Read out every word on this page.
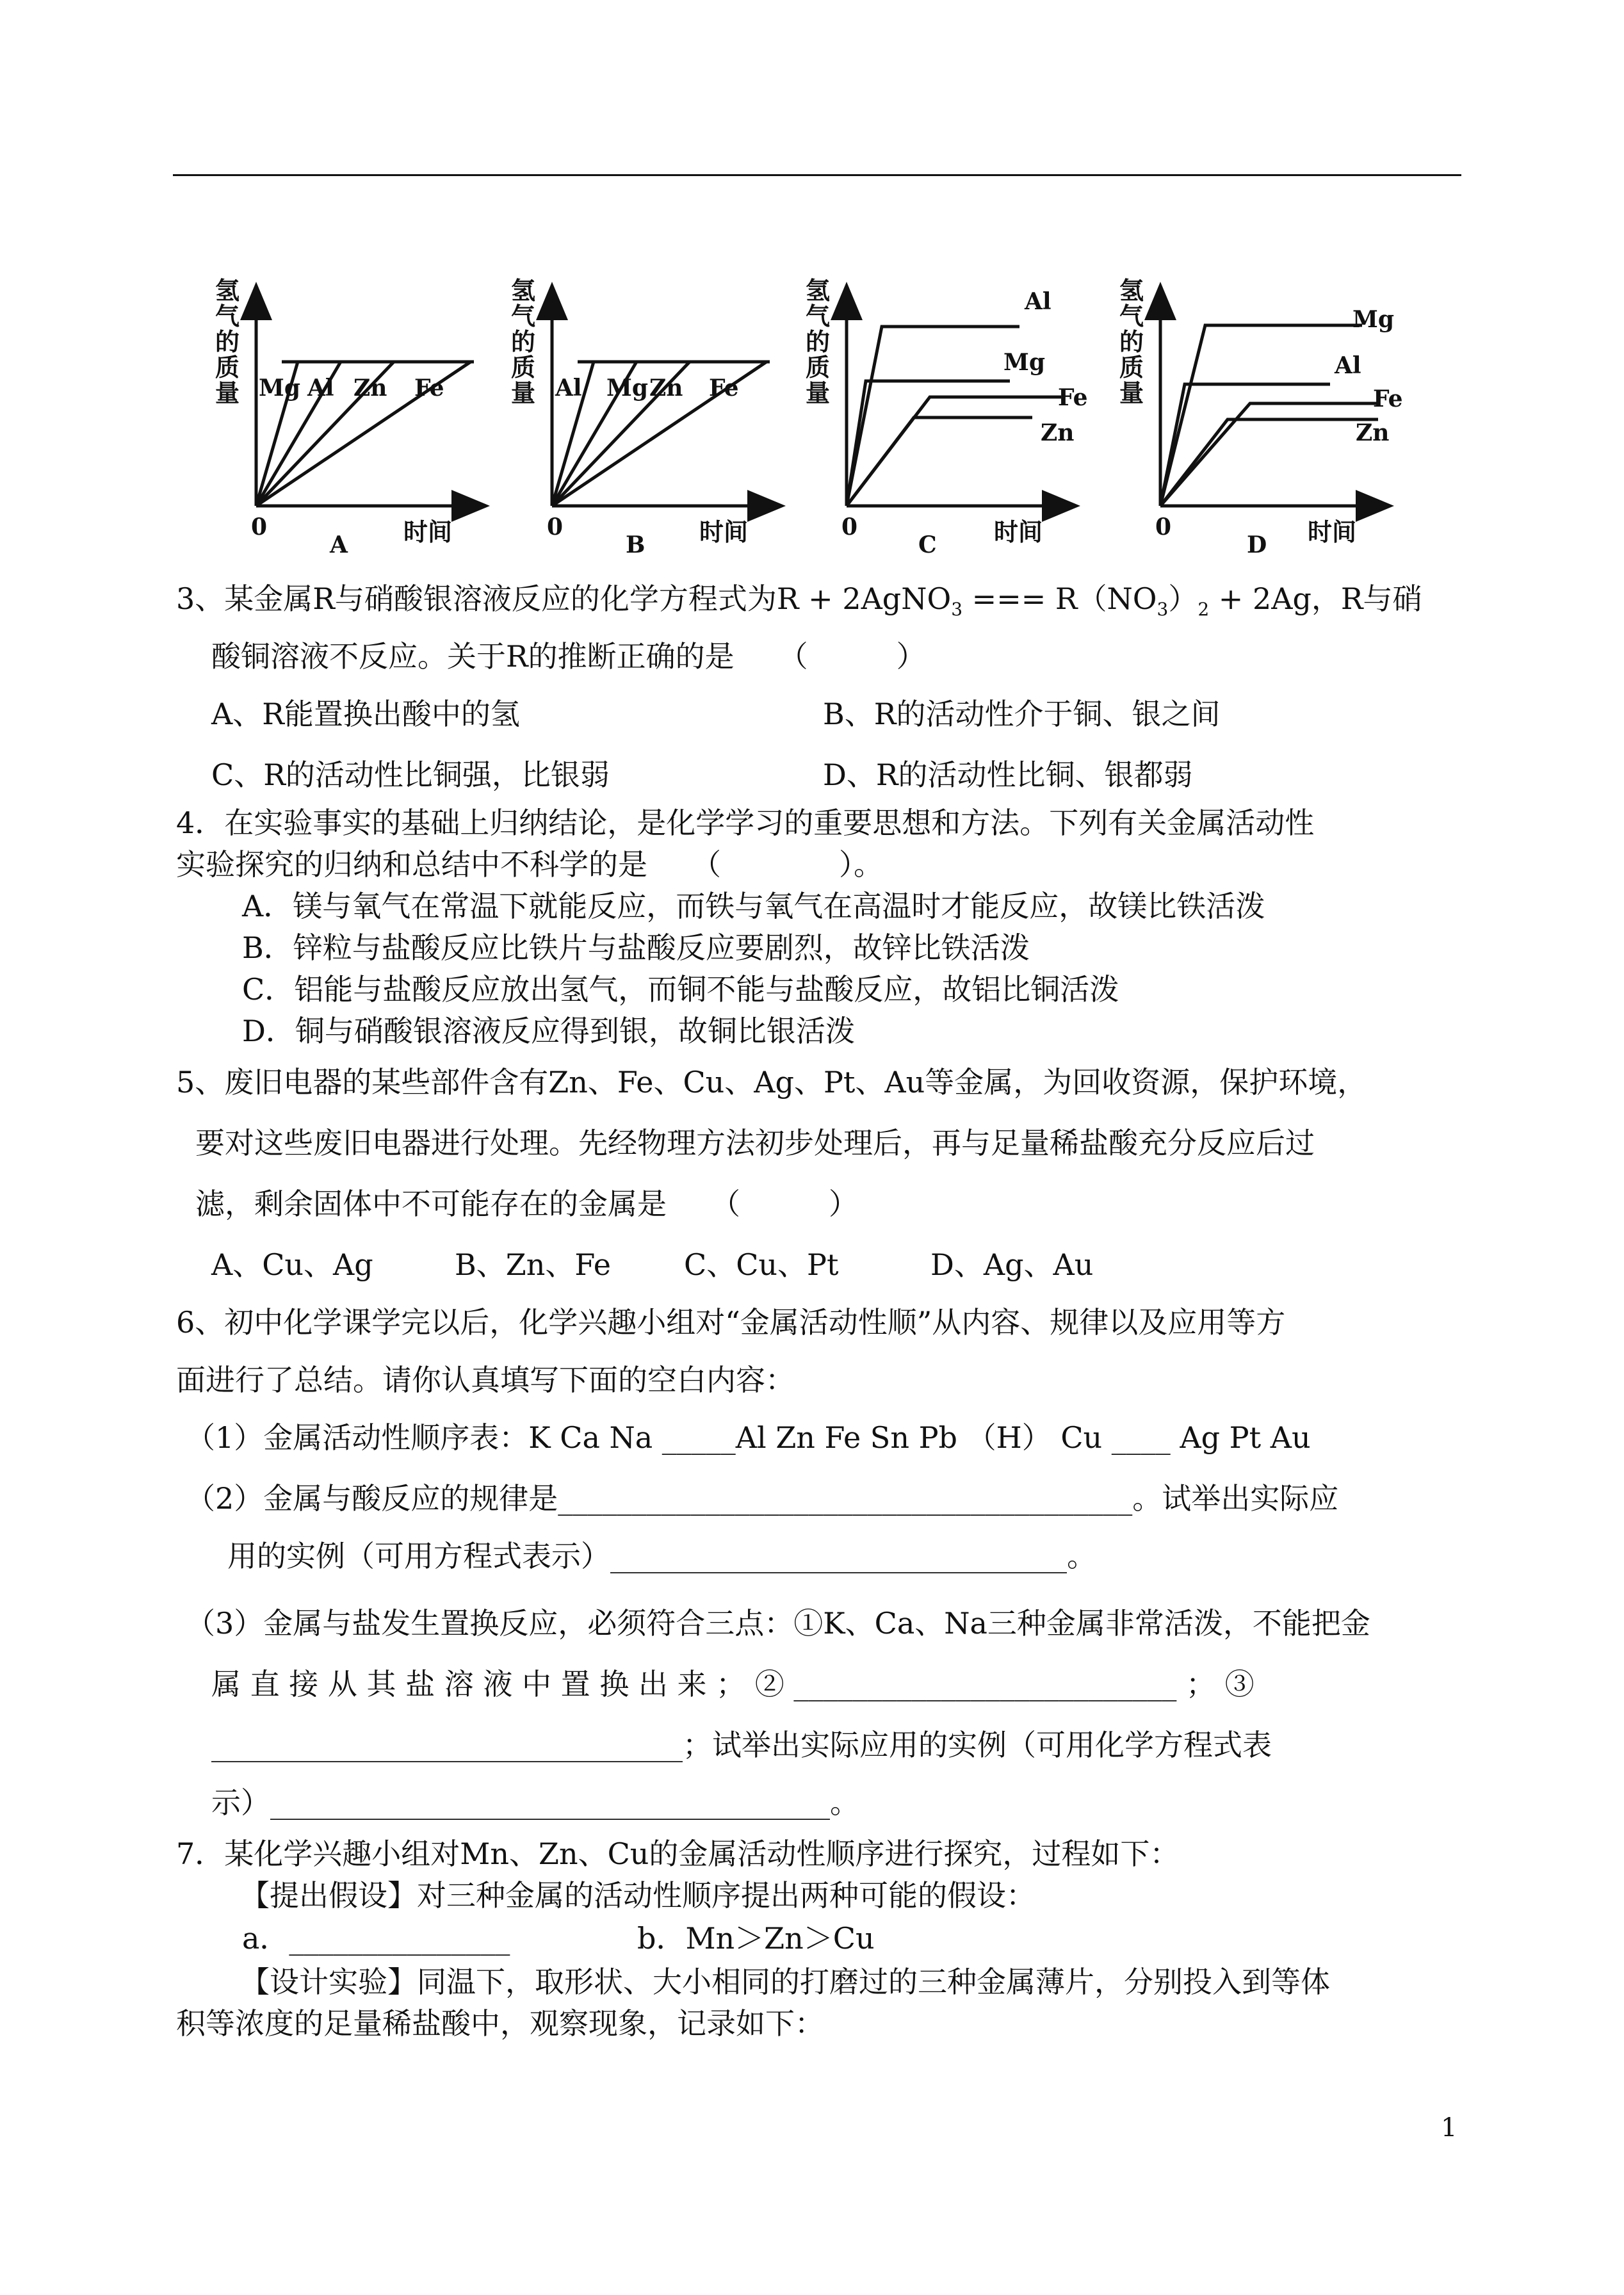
氢气的质量 Mg Al Zn Fe
0	时间
A
氢气的质量 Al Mg Zn Fe
0	时间
B
氢气的质量
Al
Mg
Fe
Zn
0	时间
C
氢气的质量
Mg
Al
Fe
Zn
0	时间
D
3、某金属R与硝酸银溶液反应的化学方程式为R + 2AgNO$_3$ === $R(NO_3)_2 + 2Ag$，R与硝
酸铜溶液不反应。关于R的推断正确的是　　（　　　）
A、R能置换出酸中的氢	B、R的活动性介于铜、银之间
C、R的活动性比铜强，比银弱	D、R的活动性比铜、银都弱
4．在实验事实的基础上归纳结论，是化学学习的重要思想和方法。下列有关金属活动性
实验探究的归纳和总结中不科学的是　　（　　　　）。
A．镁与氧气在常温下就能反应，而铁与氧气在高温时才能反应，故镁比铁活泼
B．锌粒与盐酸反应比铁片与盐酸反应要剧烈，故锌比铁活泼
C．铝能与盐酸反应放出氢气，而铜不能与盐酸反应，故铝比铜活泼
D．铜与硝酸银溶液反应得到银，故铜比银活泼
5、废旧电器的某些部件含有Zn、Fe、Cu、Ag、Pt、Au等金属，为回收资源，保护环境，
要对这些废旧电器进行处理。先经物理方法初步处理后，再与足量稀盐酸充分反应后过
滤，剩余固体中不可能存在的金属是　　（　　　）
A、Cu、Ag	B、Zn、Fe C、Cu、Pt	D、Ag、Au
6、初中化学课学完以后，化学兴趣小组对“金属活动性顺”从内容、规律以及应用等方
面进行了总结。请你认真填写下面的空白内容：
（1）金属活动性顺序表：K Ca Na _____Al Zn Fe Sn Pb （H） Cu ____ Ag Pt Au
（2）金属与酸反应的规律是_______________________________________。试举出实际应
用的实例（可用方程式表示）_______________________________。
（3）金属与盐发生置换反应，必须符合三点：①K、Ca、Na三种金属非常活泼，不能把金
属 直 接 从 其 盐 溶 液 中 置 换 出 来 ； ② __________________________ ； ③
________________________________；试举出实际应用的实例（可用化学方程式表
示）______________________________________。
7．某化学兴趣小组对Mn、Zn、Cu的金属活动性顺序进行探究，过程如下：
【提出假设】对三种金属的活动性顺序提出两种可能的假设：
a．_______________	b．Mn＞Zn＞Cu
【设计实验】同温下，取形状、大小相同的打磨过的三种金属薄片，分别投入到等体
积等浓度的足量稀盐酸中，观察现象，记录如下：
1
